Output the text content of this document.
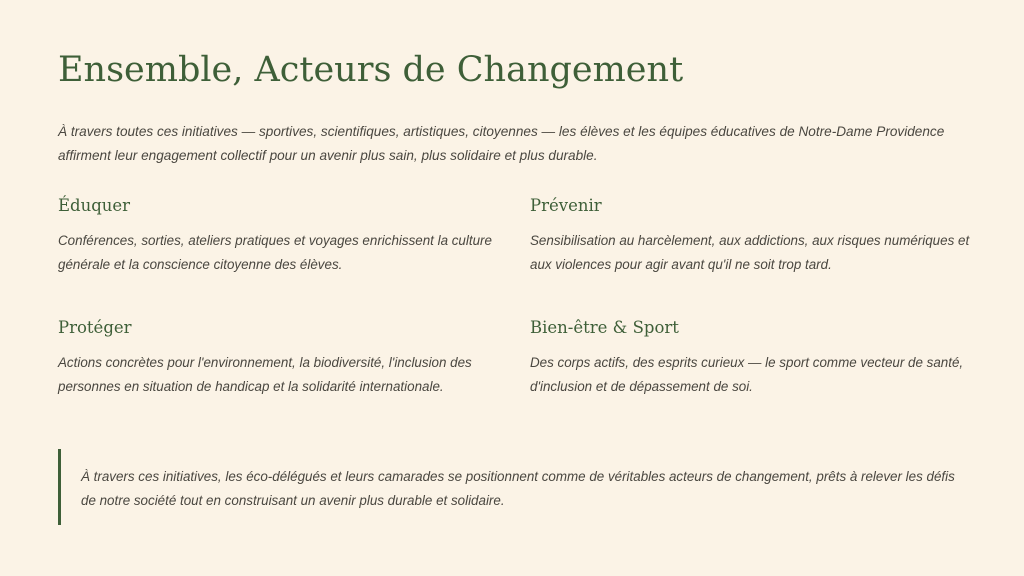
Ensemble, Acteurs de Changement

À travers toutes ces initiatives — sportives, scientifiques, artistiques, citoyennes — les élèves et les équipes éducatives de Notre-Dame Providence affirment leur engagement collectif pour un avenir plus sain, plus solidaire et plus durable.

Éduquer

Conférences, sorties, ateliers pratiques et voyages enrichissent la culture générale et la conscience citoyenne des élèves.

Prévenir

Sensibilisation au harcèlement, aux addictions, aux risques numériques et aux violences pour agir avant qu'il ne soit trop tard.

Protéger

Actions concrètes pour l'environnement, la biodiversité, l'inclusion des personnes en situation de handicap et la solidarité internationale.

Bien-être & Sport

Des corps actifs, des esprits curieux — le sport comme vecteur de santé, d'inclusion et de dépassement de soi.

À travers ces initiatives, les éco-délégués et leurs camarades se positionnent comme de véritables acteurs de changement, prêts à relever les défis de notre société tout en construisant un avenir plus durable et solidaire.
